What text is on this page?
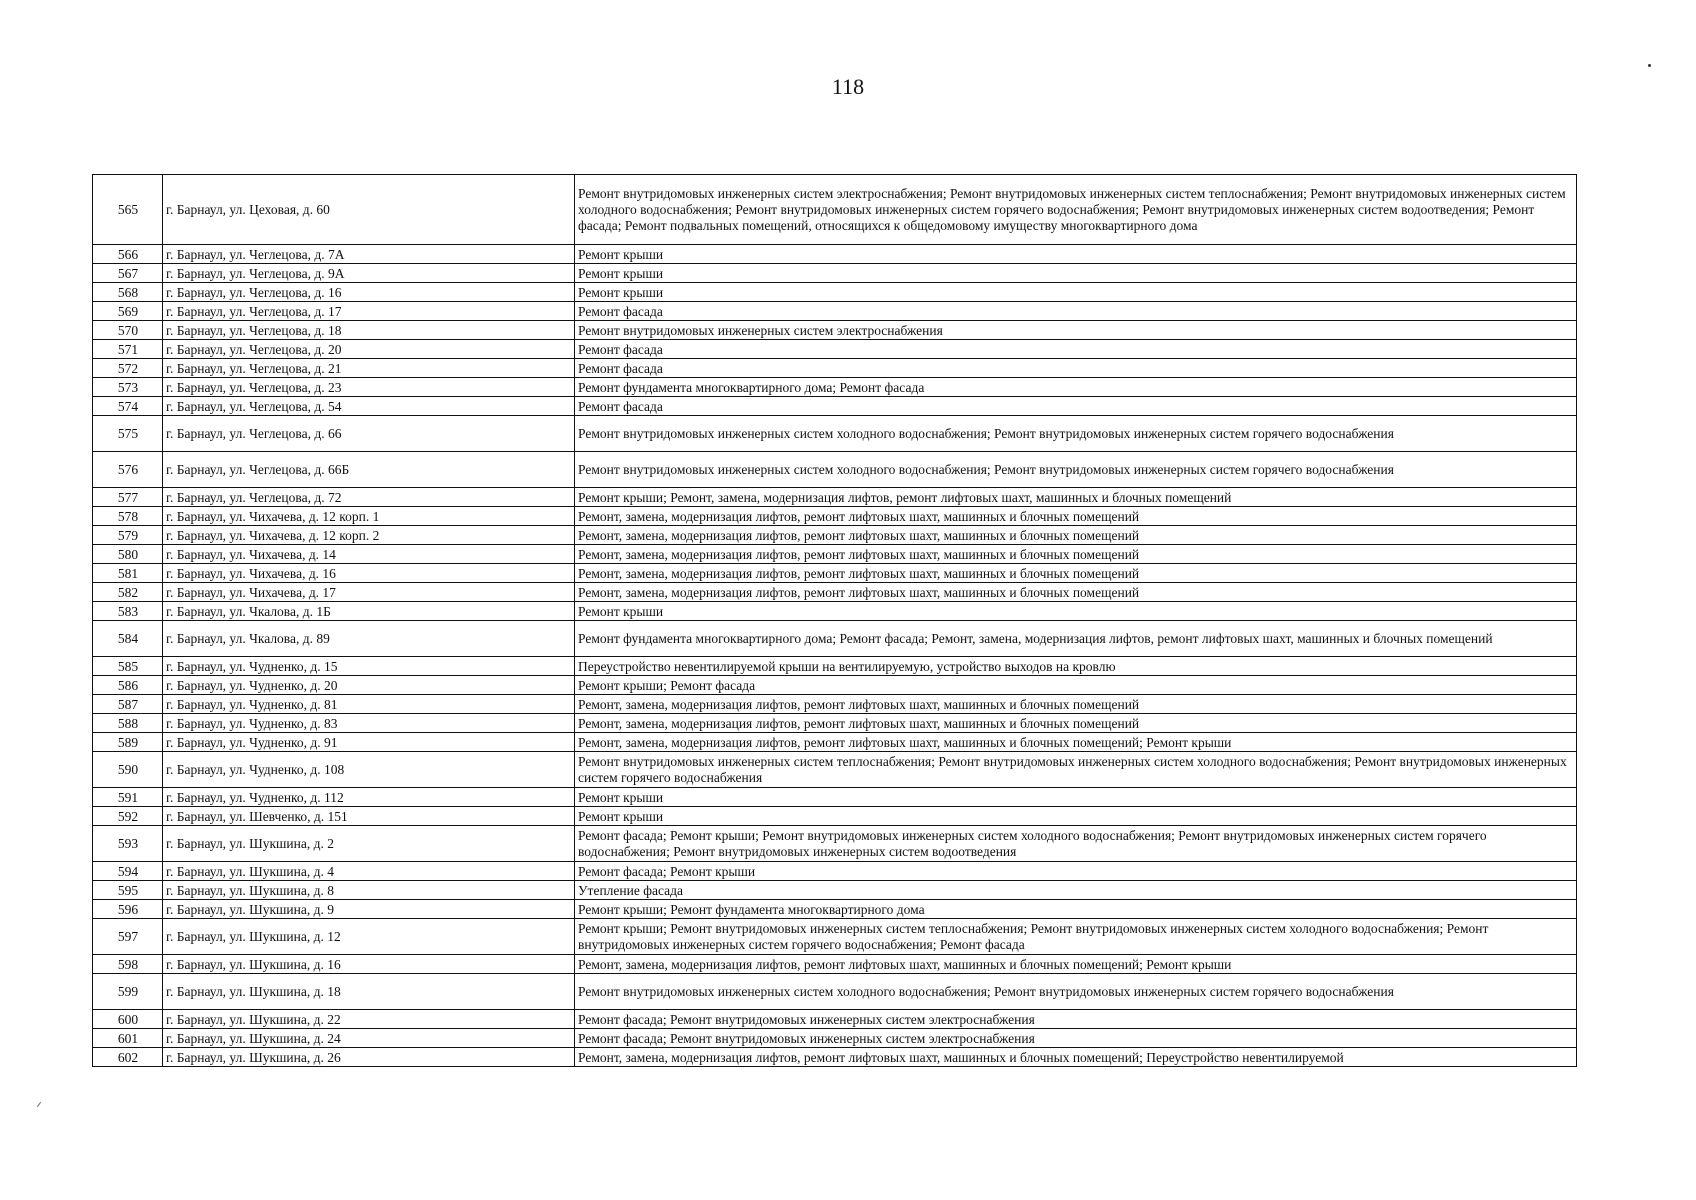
118
565	г. Барнаул, ул. Цеховая, д. 60	Ремонт внутридомовых инженерных систем электроснабжения; Ремонт внутридомовых инженерных систем теплоснабжения; Ремонт внутридомовых инженерных систем холодного водоснабжения; Ремонт внутридомовых инженерных систем горячего водоснабжения; Ремонт внутридомовых инженерных систем водоотведения; Ремонт фасада; Ремонт подвальных помещений, относящихся к общедомовому имуществу многоквартирного дома
566	г. Барнаул, ул. Чеглецова, д. 7А	Ремонт крыши
567	г. Барнаул, ул. Чеглецова, д. 9А	Ремонт крыши
568	г. Барнаул, ул. Чеглецова, д. 16	Ремонт крыши
569	г. Барнаул, ул. Чеглецова, д. 17	Ремонт фасада
570	г. Барнаул, ул. Чеглецова, д. 18	Ремонт внутридомовых инженерных систем электроснабжения
571	г. Барнаул, ул. Чеглецова, д. 20	Ремонт фасада
572	г. Барнаул, ул. Чеглецова, д. 21	Ремонт фасада
573	г. Барнаул, ул. Чеглецова, д. 23	Ремонт фундамента многоквартирного дома; Ремонт фасада
574	г. Барнаул, ул. Чеглецова, д. 54	Ремонт фасада
575	г. Барнаул, ул. Чеглецова, д. 66	Ремонт внутридомовых инженерных систем холодного водоснабжения; Ремонт внутридомовых инженерных систем горячего водоснабжения
576	г. Барнаул, ул. Чеглецова, д. 66Б	Ремонт внутридомовых инженерных систем холодного водоснабжения; Ремонт внутридомовых инженерных систем горячего водоснабжения
577	г. Барнаул, ул. Чеглецова, д. 72	Ремонт крыши; Ремонт, замена, модернизация лифтов, ремонт лифтовых шахт, машинных и блочных помещений
578	г. Барнаул, ул. Чихачева, д. 12 корп. 1	Ремонт, замена, модернизация лифтов, ремонт лифтовых шахт, машинных и блочных помещений
579	г. Барнаул, ул. Чихачева, д. 12 корп. 2	Ремонт, замена, модернизация лифтов, ремонт лифтовых шахт, машинных и блочных помещений
580	г. Барнаул, ул. Чихачева, д. 14	Ремонт, замена, модернизация лифтов, ремонт лифтовых шахт, машинных и блочных помещений
581	г. Барнаул, ул. Чихачева, д. 16	Ремонт, замена, модернизация лифтов, ремонт лифтовых шахт, машинных и блочных помещений
582	г. Барнаул, ул. Чихачева, д. 17	Ремонт, замена, модернизация лифтов, ремонт лифтовых шахт, машинных и блочных помещений
583	г. Барнаул, ул. Чкалова, д. 1Б	Ремонт крыши
584	г. Барнаул, ул. Чкалова, д. 89	Ремонт фундамента многоквартирного дома; Ремонт фасада; Ремонт, замена, модернизация лифтов, ремонт лифтовых шахт, машинных и блочных помещений
585	г. Барнаул, ул. Чудненко, д. 15	Переустройство невентилируемой крыши на вентилируемую, устройство выходов на кровлю
586	г. Барнаул, ул. Чудненко, д. 20	Ремонт крыши; Ремонт фасада
587	г. Барнаул, ул. Чудненко, д. 81	Ремонт, замена, модернизация лифтов, ремонт лифтовых шахт, машинных и блочных помещений
588	г. Барнаул, ул. Чудненко, д. 83	Ремонт, замена, модернизация лифтов, ремонт лифтовых шахт, машинных и блочных помещений
589	г. Барнаул, ул. Чудненко, д. 91	Ремонт, замена, модернизация лифтов, ремонт лифтовых шахт, машинных и блочных помещений; Ремонт крыши
590	г. Барнаул, ул. Чудненко, д. 108	Ремонт внутридомовых инженерных систем теплоснабжения; Ремонт внутридомовых инженерных систем холодного водоснабжения; Ремонт внутридомовых инженерных систем горячего водоснабжения
591	г. Барнаул, ул. Чудненко, д. 112	Ремонт крыши
592	г. Барнаул, ул. Шевченко, д. 151	Ремонт крыши
593	г. Барнаул, ул. Шукшина, д. 2	Ремонт фасада; Ремонт крыши; Ремонт внутридомовых инженерных систем холодного водоснабжения; Ремонт внутридомовых инженерных систем горячего водоснабжения; Ремонт внутридомовых инженерных систем водоотведения
594	г. Барнаул, ул. Шукшина, д. 4	Ремонт фасада; Ремонт крыши
595	г. Барнаул, ул. Шукшина, д. 8	Утепление фасада
596	г. Барнаул, ул. Шукшина, д. 9	Ремонт крыши; Ремонт фундамента многоквартирного дома
597	г. Барнаул, ул. Шукшина, д. 12	Ремонт крыши; Ремонт внутридомовых инженерных систем теплоснабжения; Ремонт внутридомовых инженерных систем холодного водоснабжения; Ремонт внутридомовых инженерных систем горячего водоснабжения; Ремонт фасада
598	г. Барнаул, ул. Шукшина, д. 16	Ремонт, замена, модернизация лифтов, ремонт лифтовых шахт, машинных и блочных помещений; Ремонт крыши
599	г. Барнаул, ул. Шукшина, д. 18	Ремонт внутридомовых инженерных систем холодного водоснабжения; Ремонт внутридомовых инженерных систем горячего водоснабжения
600	г. Барнаул, ул. Шукшина, д. 22	Ремонт фасада; Ремонт внутридомовых инженерных систем электроснабжения
601	г. Барнаул, ул. Шукшина, д. 24	Ремонт фасада; Ремонт внутридомовых инженерных систем электроснабжения
602	г. Барнаул, ул. Шукшина, д. 26	Ремонт, замена, модернизация лифтов, ремонт лифтовых шахт, машинных и блочных помещений; Переустройство невентилируемой
